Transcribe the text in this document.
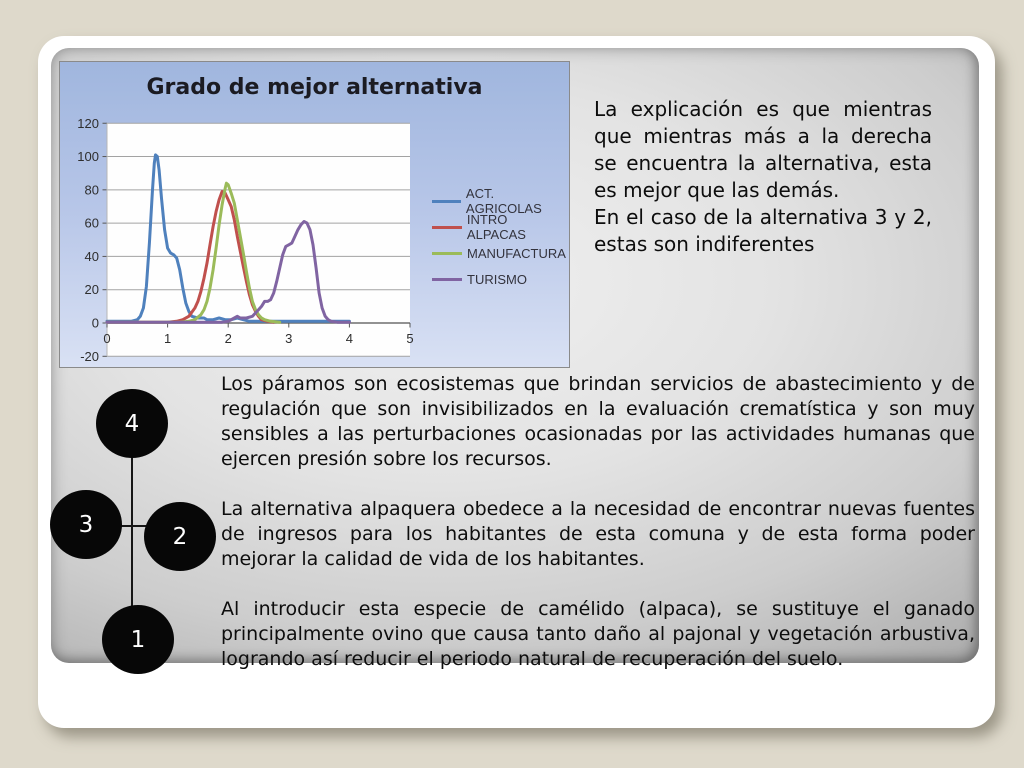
Grado de mejor alternativa
120
100
80
60
40
20
0
-20
0	1	2	3	4	5
ACT. AGRICOLAS
INTRO ALPACAS
MANUFACTURA
TURISMO

La explicación es que mientras que mientras más a la derecha se encuentra la alternativa, esta es mejor que las demás.

En el caso de la alternativa 3 y 2, estas son indiferentes

Los páramos son ecosistemas que brindan servicios de abastecimiento y de regulación que son invisibilizados en la evaluación crematística y son muy sensibles a las perturbaciones ocasionadas por las actividades humanas que ejercen presión sobre los recursos.

La alternativa alpaquera obedece a la necesidad de encontrar nuevas fuentes de ingresos para los habitantes de esta comuna y de esta forma poder mejorar la calidad de vida de los habitantes.

Al introducir esta especie de camélido (alpaca), se sustituye el ganado principalmente ovino que causa tanto daño al pajonal y vegetación arbustiva, logrando así reducir el periodo natural de recuperación del suelo.

4
3	2
1
